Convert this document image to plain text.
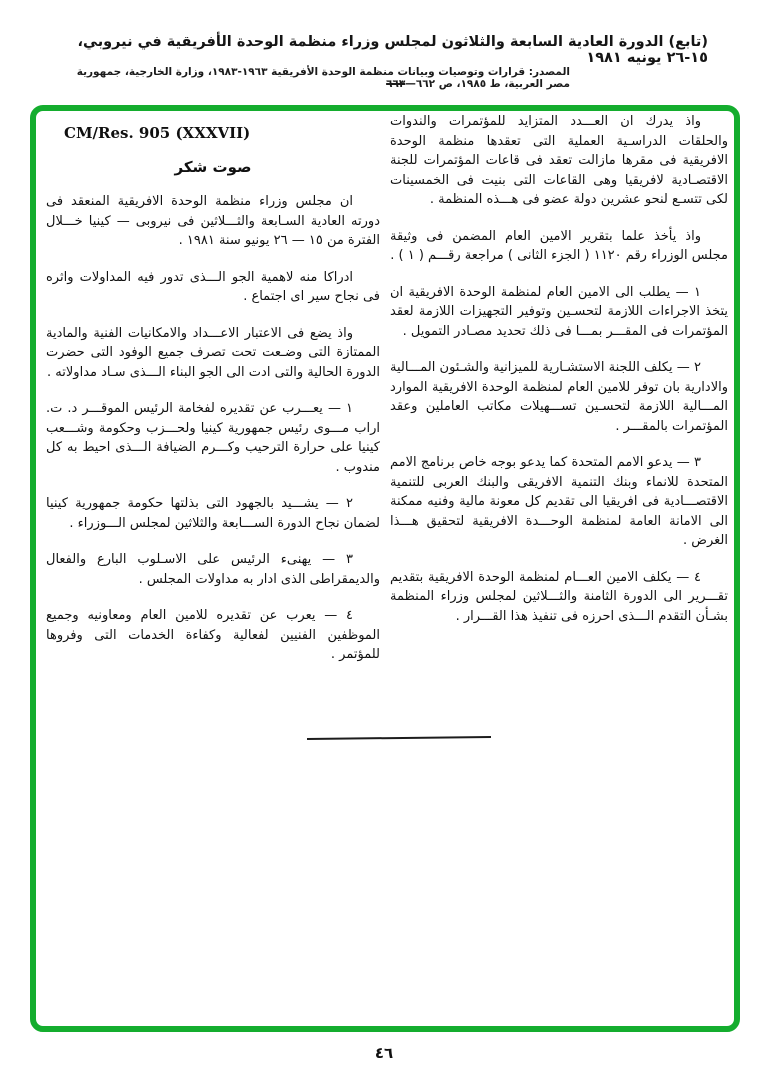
(تابع) الدورة العادية السابعة والثلاثون لمجلس وزراء منظمة الوحدة الأفريقية في نيروبي، ١٥-٢٦ يونيه ١٩٨١
المصدر: قرارات وتوصيات وبيانات منظمة الوحدة الأفريقية ١٩٦٣-١٩٨٣، وزارة الخارجية، جمهورية مصر العربية، ط ١٩٨٥، ص ٦٦٢—٦٦٣

واذ يدرك ان العـــدد المتزايد للمؤتمرات والندوات والحلقات الدراسـية العملية التى تعقدها منظمة الوحدة الافريقية فى مقرها مازالت تعقد فى قاعات المؤتمرات للجنة الاقتصـادية لافريقيا وهى القاعات التى بنيت فى الخمسينات لكى تتسـع لنحو عشرين دولة عضو فى هـــذه المنظمة .

واذ يأخذ علما بتقرير الامين العام المضمن فى وثيقة مجلس الوزراء رقم ١١٢٠ ( الجزء الثانى ) مراجعة رقـــم ( ١ ) .

١ — يطلب الى الامين العام لمنظمة الوحدة الافريقية ان يتخذ الاجراءات اللازمة لتحسـين وتوفير التجهيزات اللازمة لعقد المؤتمرات فى المقـــر بمـــا فى ذلك تحديد مصـادر التمويل .

٢ — يكلف اللجنة الاستشـارية للميزانية والشـئون المـــالية والادارية بان توفر للامين العام لمنظمة الوحدة الافريقية الموارد المـــالية اللازمة لتحسـين تســـهيلات مكاتب العاملين وعقد المؤتمرات بالمقـــر .

٣ — يدعو الامم المتحدة كما يدعو بوجه خاص برنامج الامم المتحدة للانماء وبنك التنمية الافريقى والبنك العربى للتنمية الاقتصـــادية فى افريقيا الى تقديم كل معونة مالية وفنيه ممكنة الى الامانة العامة لمنظمة الوحـــدة الافريقية لتحقيق هـــذا الغرض .

٤ — يكلف الامين العـــام لمنظمة الوحدة الافريقية بتقديم تقـــرير الى الدورة الثامنة والثـــلاثين لمجلس وزراء المنظمة بشـأن التقدم الـــذى احرزه فى تنفيذ هذا القـــرار .

CM/Res. 905 (XXXVII)
صوت شكر

ان مجلس وزراء منظمة الوحدة الافريقية المنعقد فى دورته العادية السـابعة والثـــلاثين فى نيروبى — كينيا خـــلال الفترة من ١٥ — ٢٦ يونيو سنة ١٩٨١ .

ادراكا منه لاهمية الجو الـــذى تدور فيه المداولات واثره فى نجاح سير اى اجتماع .

واذ يضع فى الاعتبار الاعـــداد والامكانيات الفنية والمادية الممتازة التى وضـعت تحت تصرف جميع الوفود التى حضرت الدورة الحالية والتى ادت الى الجو البناء الـــذى سـاد مداولاته .

١ — يعـــرب عن تقديره لفخامة الرئيس الموقـــر د. ت. اراب مـــوى رئيس جمهورية كينيا ولحـــزب وحكومة وشـــعب كينيا على حرارة الترحيب وكـــرم الضيافة الـــذى احيط به كل مندوب .

٢ — يشـــيد بالجهود التى بذلتها حكومة جمهورية كينيا لضمان نجاح الدورة الســـابعة والثلاثين لمجلس الـــوزراء .

٣ — يهنىء الرئيس على الاسـلوب البارع والفعال والديمقراطى الذى ادار به مداولات المجلس .

٤ — يعرب عن تقديره للامين العام ومعاونيه وجميع الموظفين الفنيين لفعالية وكفاءة الخدمات التى وفروها للمؤتمر .

٤٦
